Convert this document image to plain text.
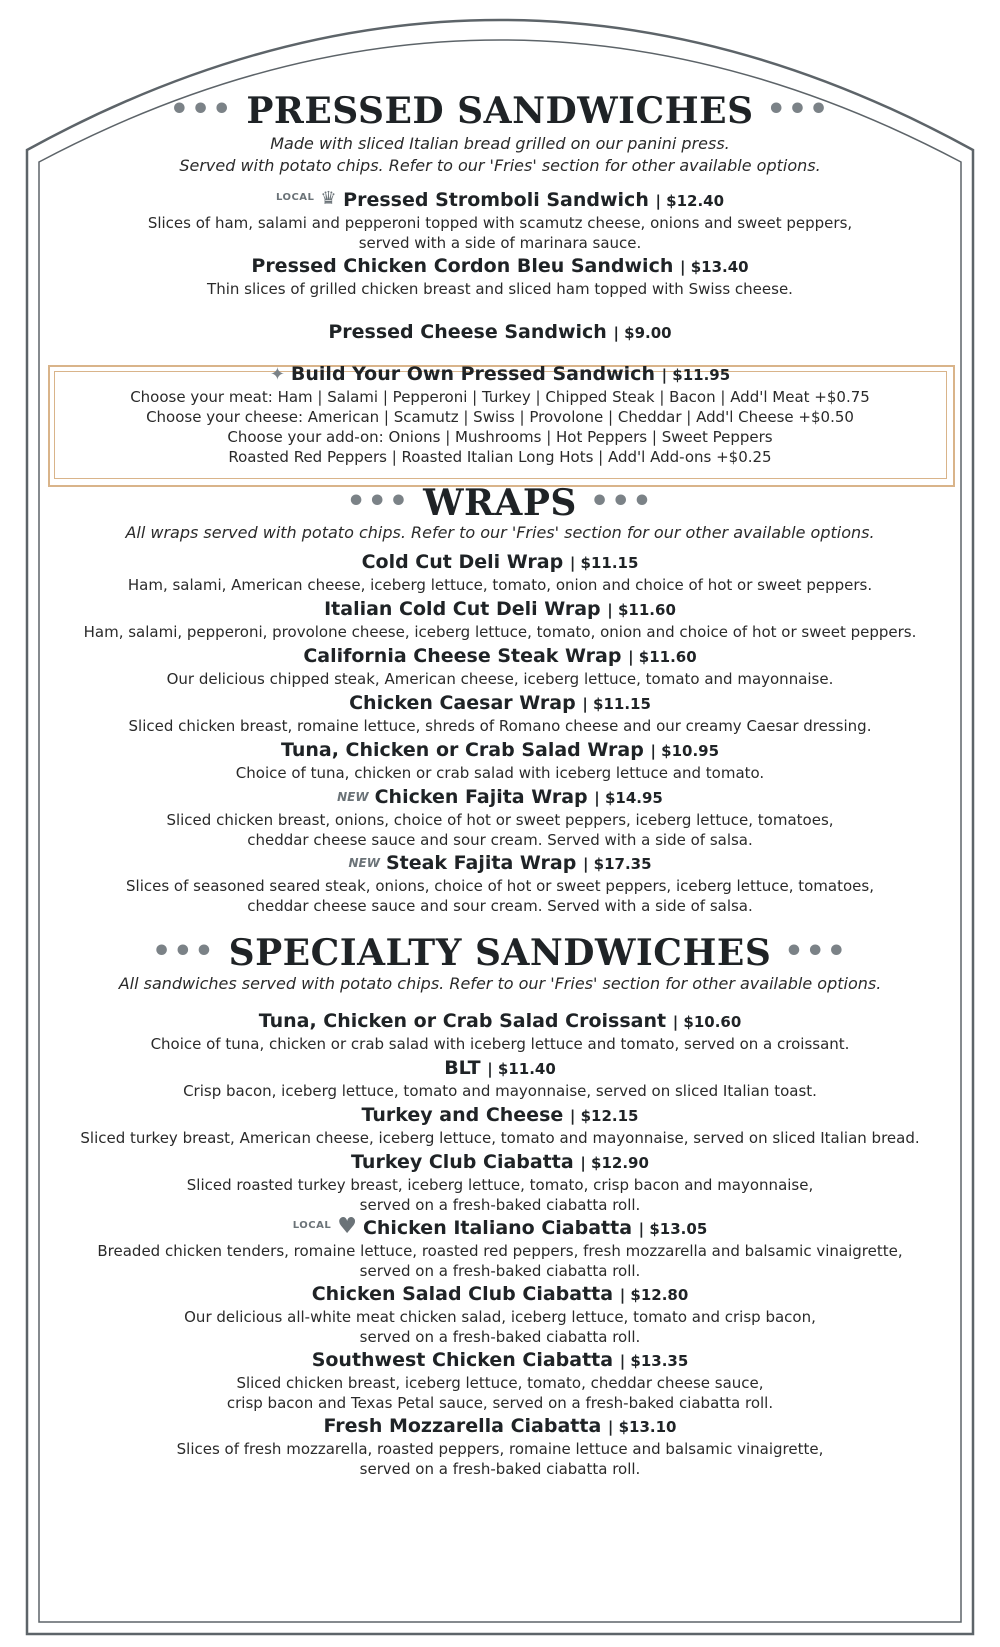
••• PRESSED SANDWICHES •••
Made with sliced Italian bread grilled on our panini press.
Served with potato chips. Refer to our 'Fries' section for other available options.
LOCAL ♛ Pressed Stromboli Sandwich | $12.40
Slices of ham, salami and pepperoni topped with scamutz cheese, onions and sweet peppers,
served with a side of marinara sauce.
Pressed Chicken Cordon Bleu Sandwich | $13.40
Thin slices of grilled chicken breast and sliced ham topped with Swiss cheese.
Pressed Cheese Sandwich | $9.00
✦ Build Your Own Pressed Sandwich | $11.95
Choose your meat: Ham | Salami | Pepperoni | Turkey | Chipped Steak | Bacon | Add'l Meat +$0.75
Choose your cheese: American | Scamutz | Swiss | Provolone | Cheddar | Add'l Cheese +$0.50
Choose your add-on: Onions | Mushrooms | Hot Peppers | Sweet Peppers
Roasted Red Peppers | Roasted Italian Long Hots | Add'l Add-ons +$0.25
••• WRAPS •••
All wraps served with potato chips. Refer to our 'Fries' section for our other available options.
Cold Cut Deli Wrap | $11.15
Ham, salami, American cheese, iceberg lettuce, tomato, onion and choice of hot or sweet peppers.
Italian Cold Cut Deli Wrap | $11.60
Ham, salami, pepperoni, provolone cheese, iceberg lettuce, tomato, onion and choice of hot or sweet peppers.
California Cheese Steak Wrap | $11.60
Our delicious chipped steak, American cheese, iceberg lettuce, tomato and mayonnaise.
Chicken Caesar Wrap | $11.15
Sliced chicken breast, romaine lettuce, shreds of Romano cheese and our creamy Caesar dressing.
Tuna, Chicken or Crab Salad Wrap | $10.95
Choice of tuna, chicken or crab salad with iceberg lettuce and tomato.
NEW Chicken Fajita Wrap | $14.95
Sliced chicken breast, onions, choice of hot or sweet peppers, iceberg lettuce, tomatoes,
cheddar cheese sauce and sour cream. Served with a side of salsa.
NEW Steak Fajita Wrap | $17.35
Slices of seasoned seared steak, onions, choice of hot or sweet peppers, iceberg lettuce, tomatoes,
cheddar cheese sauce and sour cream. Served with a side of salsa.
••• SPECIALTY SANDWICHES •••
All sandwiches served with potato chips. Refer to our 'Fries' section for other available options.
Tuna, Chicken or Crab Salad Croissant | $10.60
Choice of tuna, chicken or crab salad with iceberg lettuce and tomato, served on a croissant.
BLT | $11.40
Crisp bacon, iceberg lettuce, tomato and mayonnaise, served on sliced Italian toast.
Turkey and Cheese | $12.15
Sliced turkey breast, American cheese, iceberg lettuce, tomato and mayonnaise, served on sliced Italian bread.
Turkey Club Ciabatta | $12.90
Sliced roasted turkey breast, iceberg lettuce, tomato, crisp bacon and mayonnaise,
served on a fresh-baked ciabatta roll.
LOCAL ♥ Chicken Italiano Ciabatta | $13.05
Breaded chicken tenders, romaine lettuce, roasted red peppers, fresh mozzarella and balsamic vinaigrette,
served on a fresh-baked ciabatta roll.
Chicken Salad Club Ciabatta | $12.80
Our delicious all-white meat chicken salad, iceberg lettuce, tomato and crisp bacon,
served on a fresh-baked ciabatta roll.
Southwest Chicken Ciabatta | $13.35
Sliced chicken breast, iceberg lettuce, tomato, cheddar cheese sauce,
crisp bacon and Texas Petal sauce, served on a fresh-baked ciabatta roll.
Fresh Mozzarella Ciabatta | $13.10
Slices of fresh mozzarella, roasted peppers, romaine lettuce and balsamic vinaigrette,
served on a fresh-baked ciabatta roll.
